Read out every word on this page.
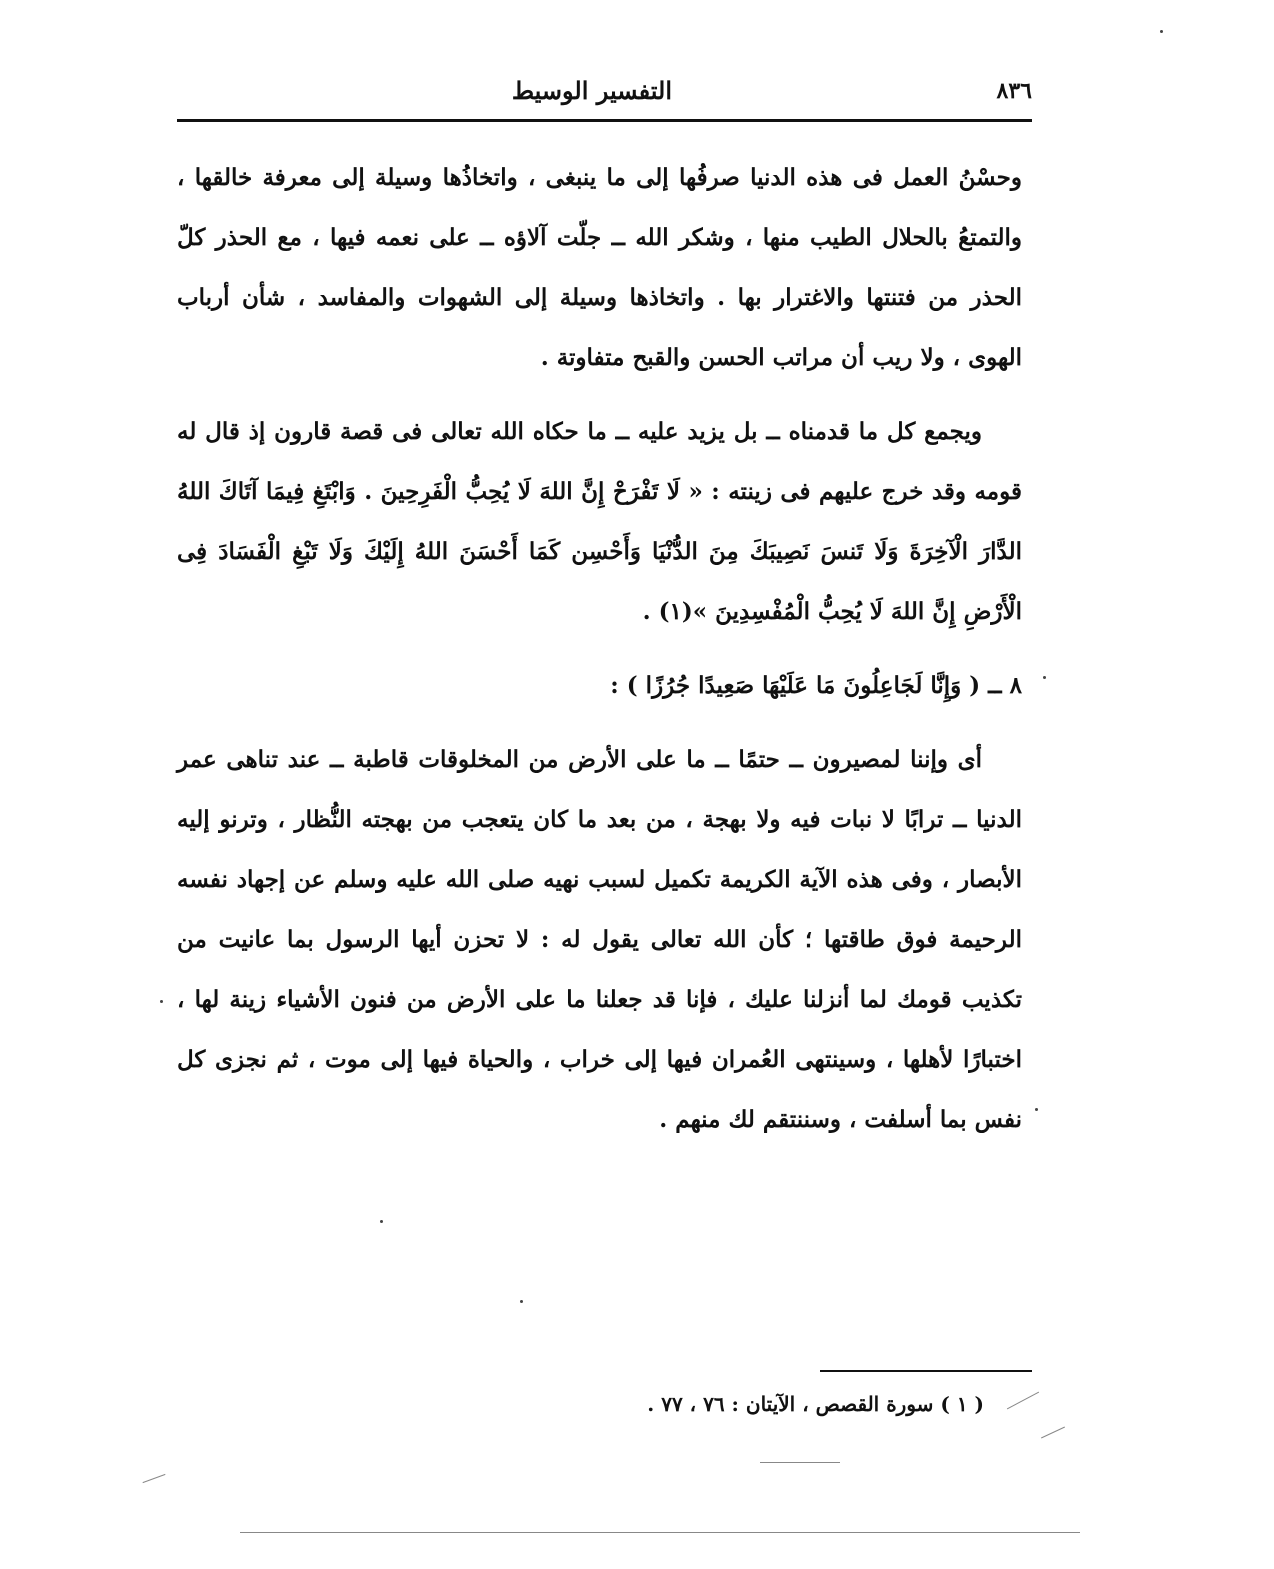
٨٣٦
التفسير الوسيط

وحسْنُ العمل فى هذه الدنيا صرفُها إلى ما ينبغى ، واتخاذُها وسيلة إلى معرفة خالقها ، والتمتعُ بالحلال الطيب منها ، وشكر الله ــ جلّت آلاؤه ــ على نعمه فيها ، مع الحذر كلّ الحذر من فتنتها والاغترار بها . واتخاذها وسيلة إلى الشهوات والمفاسد ، شأن أرباب الهوى ، ولا ريب أن مراتب الحسن والقبح متفاوتة .

ويجمع كل ما قدمناه ــ بل يزيد عليه ــ ما حكاه الله تعالى فى قصة قارون إذ قال له قومه وقد خرج عليهم فى زينته : « لَا تَفْرَحْ إِنَّ اللهَ لَا يُحِبُّ الْفَرِحِينَ . وَابْتَغِ فِيمَا آتَاكَ اللهُ الدَّارَ الْآخِرَةَ وَلَا تَنسَ نَصِيبَكَ مِنَ الدُّنْيَا وَأَحْسِن كَمَا أَحْسَنَ اللهُ إِلَيْكَ وَلَا تَبْغِ الْفَسَادَ فِى الْأَرْضِ إِنَّ اللهَ لَا يُحِبُّ الْمُفْسِدِينَ »(١) .

٨ ــ ( وَإِنَّا لَجَاعِلُونَ مَا عَلَيْهَا صَعِيدًا جُرُزًا ) :

أى وإننا لمصيرون ــ حتمًا ــ ما على الأرض من المخلوقات قاطبة ــ عند تناهى عمر الدنيا ــ ترابًا لا نبات فيه ولا بهجة ، من بعد ما كان يتعجب من بهجته النُّظار ، وترنو إليه الأبصار ، وفى هذه الآية الكريمة تكميل لسبب نهيه صلى الله عليه وسلم عن إجهاد نفسه الرحيمة فوق طاقتها ؛ كأن الله تعالى يقول له : لا تحزن أيها الرسول بما عانيت من تكذيب قومك لما أنزلنا عليك ، فإنا قد جعلنا ما على الأرض من فنون الأشياء زينة لها ، اختبارًا لأهلها ، وسينتهى العُمران فيها إلى خراب ، والحياة فيها إلى موت ، ثم نجزى كل نفس بما أسلفت ، وسننتقم لك منهم .

( ١ ) سورة القصص ، الآيتان : ٧٦ ، ٧٧ .
